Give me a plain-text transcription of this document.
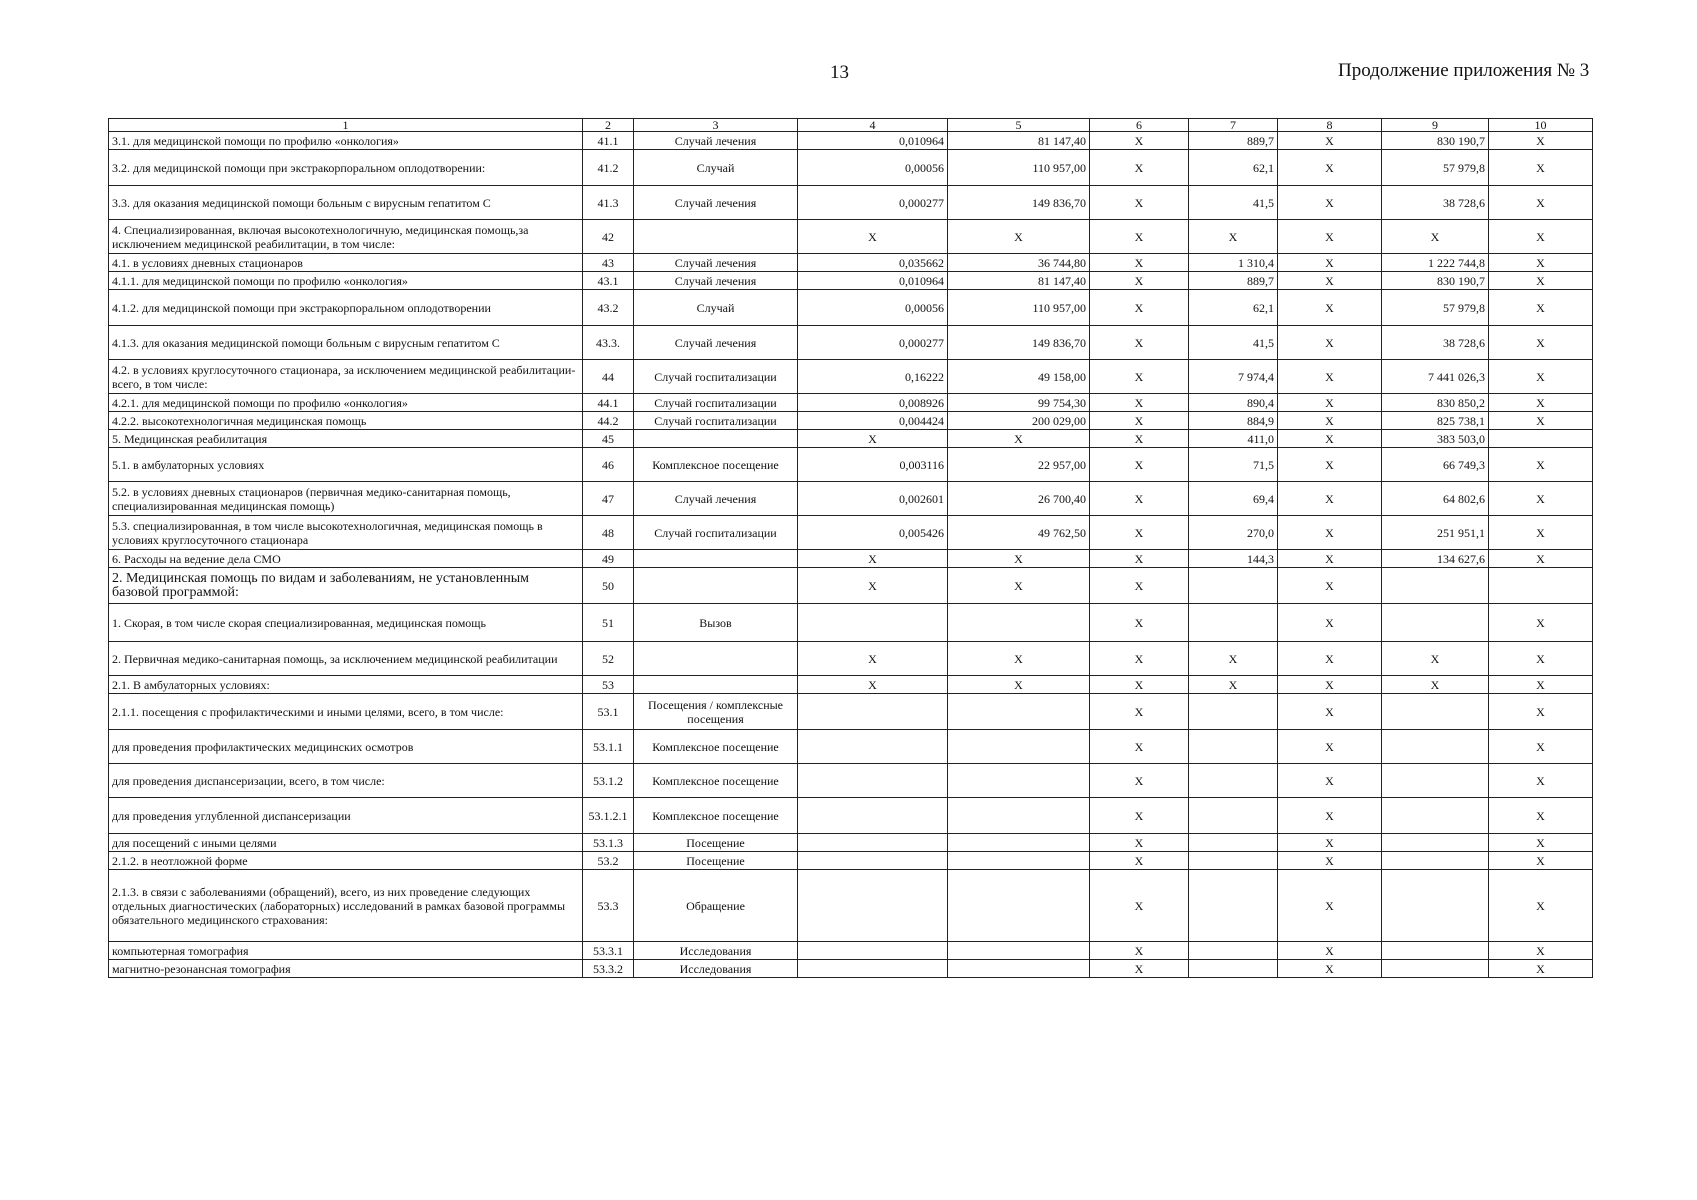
13	Продолжение приложения № 3
1	2	3	4	5	6	7	8	9	10
3.1. для медицинской помощи по профилю «онкология»	41.1	Случай лечения	0,010964	81 147,40	X	889,7	X	830 190,7	X
3.2. для медицинской помощи при экстракорпоральном оплодотворении:	41.2	Случай	0,00056	110 957,00	X	62,1	X	57 979,8	X
3.3. для оказания медицинской помощи больным с вирусным гепатитом С	41.3	Случай лечения	0,000277	149 836,70	X	41,5	X	38 728,6	X
4. Специализированная, включая высокотехнологичную, медицинская помощь,за исключением медицинской реабилитации, в том числе:	42		X	X	X	X	X	X	X
4.1. в условиях дневных стационаров	43	Случай лечения	0,035662	36 744,80	X	1 310,4	X	1 222 744,8	X
4.1.1. для медицинской помощи по профилю «онкология»	43.1	Случай лечения	0,010964	81 147,40	X	889,7	X	830 190,7	X
4.1.2. для медицинской помощи при экстракорпоральном оплодотворении	43.2	Случай	0,00056	110 957,00	X	62,1	X	57 979,8	X
4.1.3. для оказания медицинской помощи больным с вирусным гепатитом С	43.3.	Случай лечения	0,000277	149 836,70	X	41,5	X	38 728,6	X
4.2. в условиях круглосуточного стационара, за исключением медицинской реабилитации-всего, в том числе:	44	Случай госпитализации	0,16222	49 158,00	X	7 974,4	X	7 441 026,3	X
4.2.1. для медицинской помощи по профилю «онкология»	44.1	Случай госпитализации	0,008926	99 754,30	X	890,4	X	830 850,2	X
4.2.2. высокотехнологичная медицинская помощь	44.2	Случай госпитализации	0,004424	200 029,00	X	884,9	X	825 738,1	X
5. Медицинская реабилитация	45		X	X	X	411,0	X	383 503,0	
5.1. в амбулаторных условиях	46	Комплексное посещение	0,003116	22 957,00	X	71,5	X	66 749,3	X
5.2. в условиях дневных стационаров (первичная медико-санитарная помощь, специализированная медицинская помощь)	47	Случай лечения	0,002601	26 700,40	X	69,4	X	64 802,6	X
5.3. специализированная, в том числе высокотехнологичная, медицинская помощь в условиях круглосуточного стационара	48	Случай госпитализации	0,005426	49 762,50	X	270,0	X	251 951,1	X
6. Расходы на ведение дела СМО	49		X	X	X	144,3	X	134 627,6	X
2. Медицинская помощь по видам и заболеваниям, не установленным базовой программой:	50		X	X	X		X		
1. Скорая, в том числе скорая специализированная, медицинская помощь	51	Вызов			X		X		X
2. Первичная медико-санитарная помощь, за исключением медицинской реабилитации	52		X	X	X	X	X	X	X
2.1. В амбулаторных условиях:	53		X	X	X	X	X	X	X
2.1.1. посещения с профилактическими и иными целями, всего, в том числе:	53.1	Посещения / комплексные посещения			X		X		X
для проведения профилактических медицинских осмотров	53.1.1	Комплексное посещение			X		X		X
для проведения диспансеризации, всего, в том числе:	53.1.2	Комплексное посещение			X		X		X
для проведения углубленной диспансеризации	53.1.2.1	Комплексное посещение			X		X		X
для посещений с иными целями	53.1.3	Посещение			X		X		X
2.1.2. в неотложной форме	53.2	Посещение			X		X		X
2.1.3. в связи с заболеваниями (обращений), всего, из них проведение следующих отдельных диагностических (лабораторных) исследований в рамках базовой программы обязательного медицинского страхования:	53.3	Обращение			X		X		X
компьютерная томография	53.3.1	Исследования			X		X		X
магнитно-резонансная томография	53.3.2	Исследования			X		X		X
